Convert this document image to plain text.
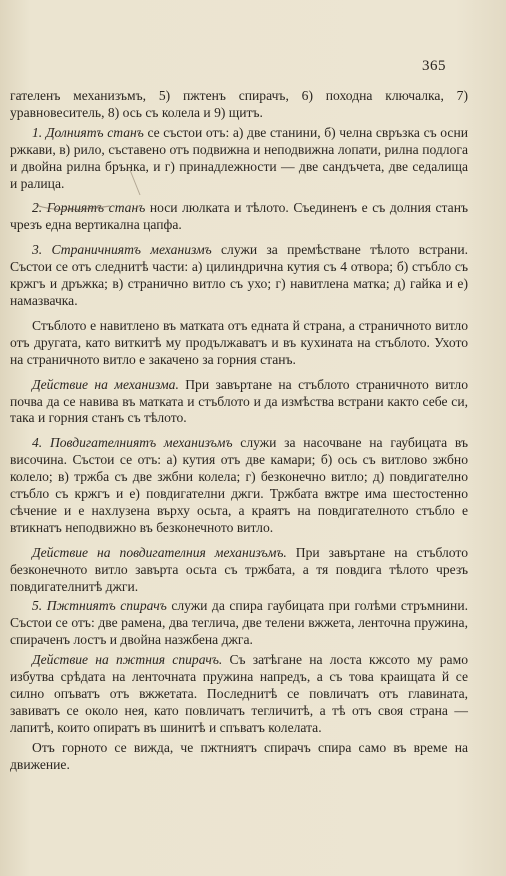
365

гателенъ механизъмъ, 5) пжтенъ спирачъ, 6) походна ключалка, 7) уравновеситель, 8) ось съ колела и 9) щитъ.

1. Долниятъ станъ се състои отъ: а) две станини, б) челна свръзка съ осни ржкави, в) рило, съставено отъ подвижна и неподвижна лопати, рилна подлога и двойна рилна брънка, и г) принадлежности — две сандъчета, две седалища и ралица.

2. Горниятъ станъ носи люлката и тѣлото. Съединенъ е съ долния станъ чрезъ една вертикална цапфа.

3. Страничниятъ механизмъ служи за премѣстване тѣлото встрани. Състои се отъ следнитѣ части: а) цилиндрична кутия съ 4 отвора; б) стъбло съ кржгъ и дръжка; в) странично витло съ ухо; г) навитлена матка; д) гайка и е) намазвачка.

Стъблото е навитлено въ матката отъ едната й страна, а страничното витло отъ другата, като виткитѣ му продължаватъ и въ кухината на стъблото. Ухото на страничното витло е закачено за горния станъ.

Действие на механизма. При завъртане на стъблото страничното витло почва да се навива въ матката и стъблото и да измѣства встрани както себе си, така и горния станъ съ тѣлото.

4. Повдигателниятъ механизъмъ служи за насочване на гаубицата въ височина. Състои се отъ: а) кутия отъ две камари; б) ось съ витлово зжбно колело; в) тржба съ две зжбни колела; г) безконечно витло; д) повдигателно стъбло съ кржгъ и е) повдигателни джги. Тржбата вжтре има шестостенно сѣчение и е нахлузена върху осьта, а краятъ на повдигателното стъбло е втикнатъ неподвижно въ безконечното витло.

Действие на повдигателния механизъмъ. При завъртане на стъблото безконечното витло завърта осьта съ тржбата, а тя повдига тѣлото чрезъ повдигателнитѣ джги.

5. Пжтниятъ спирачъ служи да спира гаубицата при голѣми стръмнини. Състои се отъ: две рамена, два теглича, две телени вжжета, ленточна пружина, спираченъ лостъ и двойна назжбена джга.

Действие на пжтния спирачъ. Съ затѣгане на лоста кжсото му рамо избутва срѣдата на ленточната пружина напредъ, а съ това краищата й се силно опъватъ отъ вжжетата. Последнитѣ се повличатъ отъ главината, завиватъ се около нея, като повличатъ тегличитѣ, а тѣ отъ своя страна — лапитѣ, които опиратъ въ шинитѣ и спъватъ колелата.

Отъ горното се вижда, че пжтниятъ спирачъ спира само въ време на движение.
